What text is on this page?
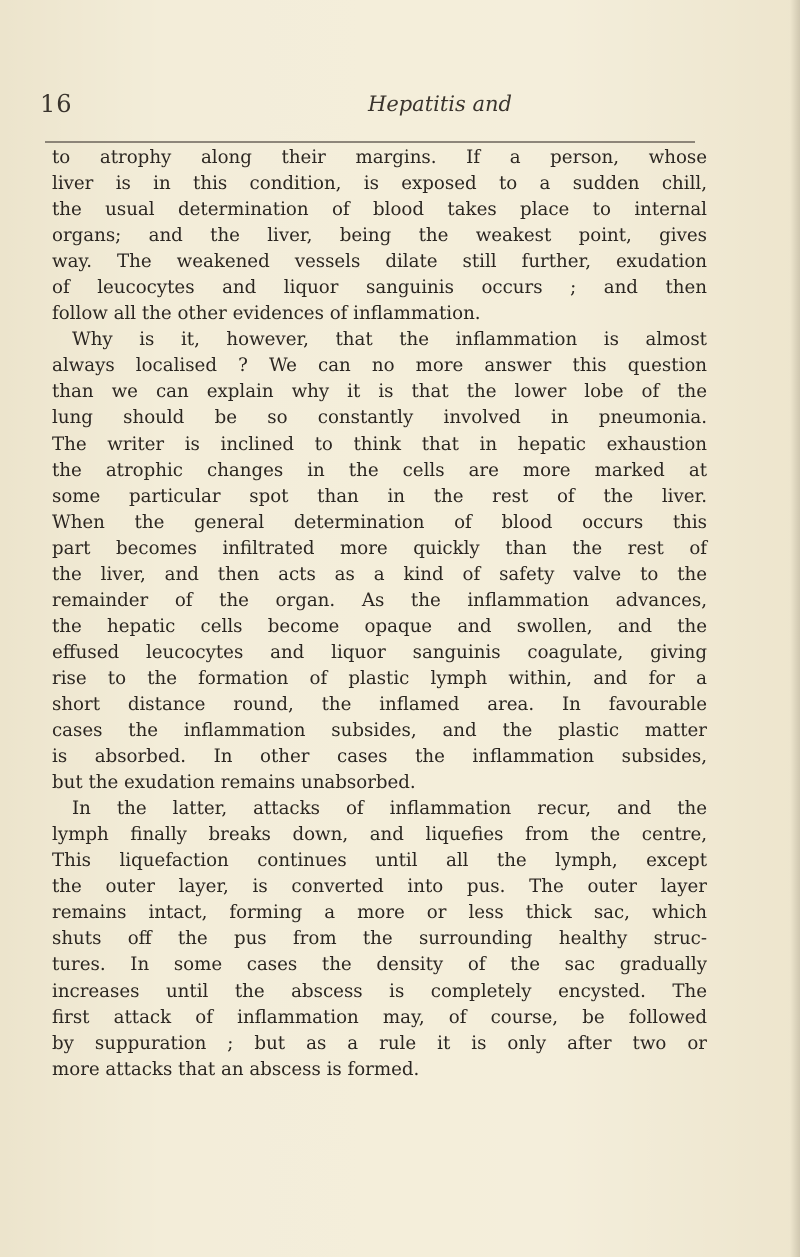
16	Hepatitis and
to atrophy along their margins. If a person, whose
liver is in this condition, is exposed to a sudden chill,
the usual determination of blood takes place to internal
organs; and the liver, being the weakest point, gives
way. The weakened vessels dilate still further, exudation
of leucocytes and liquor sanguinis occurs ; and then
follow all the other evidences of inflammation.
Why is it, however, that the inflammation is almost
always localised ? We can no more answer this question
than we can explain why it is that the lower lobe of the
lung should be so constantly involved in pneumonia.
The writer is inclined to think that in hepatic exhaustion
the atrophic changes in the cells are more marked at
some particular spot than in the rest of the liver.
When the general determination of blood occurs this
part becomes infiltrated more quickly than the rest of
the liver, and then acts as a kind of safety valve to the
remainder of the organ. As the inflammation advances,
the hepatic cells become opaque and swollen, and the
effused leucocytes and liquor sanguinis coagulate, giving
rise to the formation of plastic lymph within, and for a
short distance round, the inflamed area. In favourable
cases the inflammation subsides, and the plastic matter
is absorbed. In other cases the inflammation subsides,
but the exudation remains unabsorbed.
In the latter, attacks of inflammation recur, and the
lymph finally breaks down, and liquefies from the centre,
This liquefaction continues until all the lymph, except
the outer layer, is converted into pus. The outer layer
remains intact, forming a more or less thick sac, which
shuts off the pus from the surrounding healthy struc-
tures. In some cases the density of the sac gradually
increases until the abscess is completely encysted. The
first attack of inflammation may, of course, be followed
by suppuration ; but as a rule it is only after two or
more attacks that an abscess is formed.
